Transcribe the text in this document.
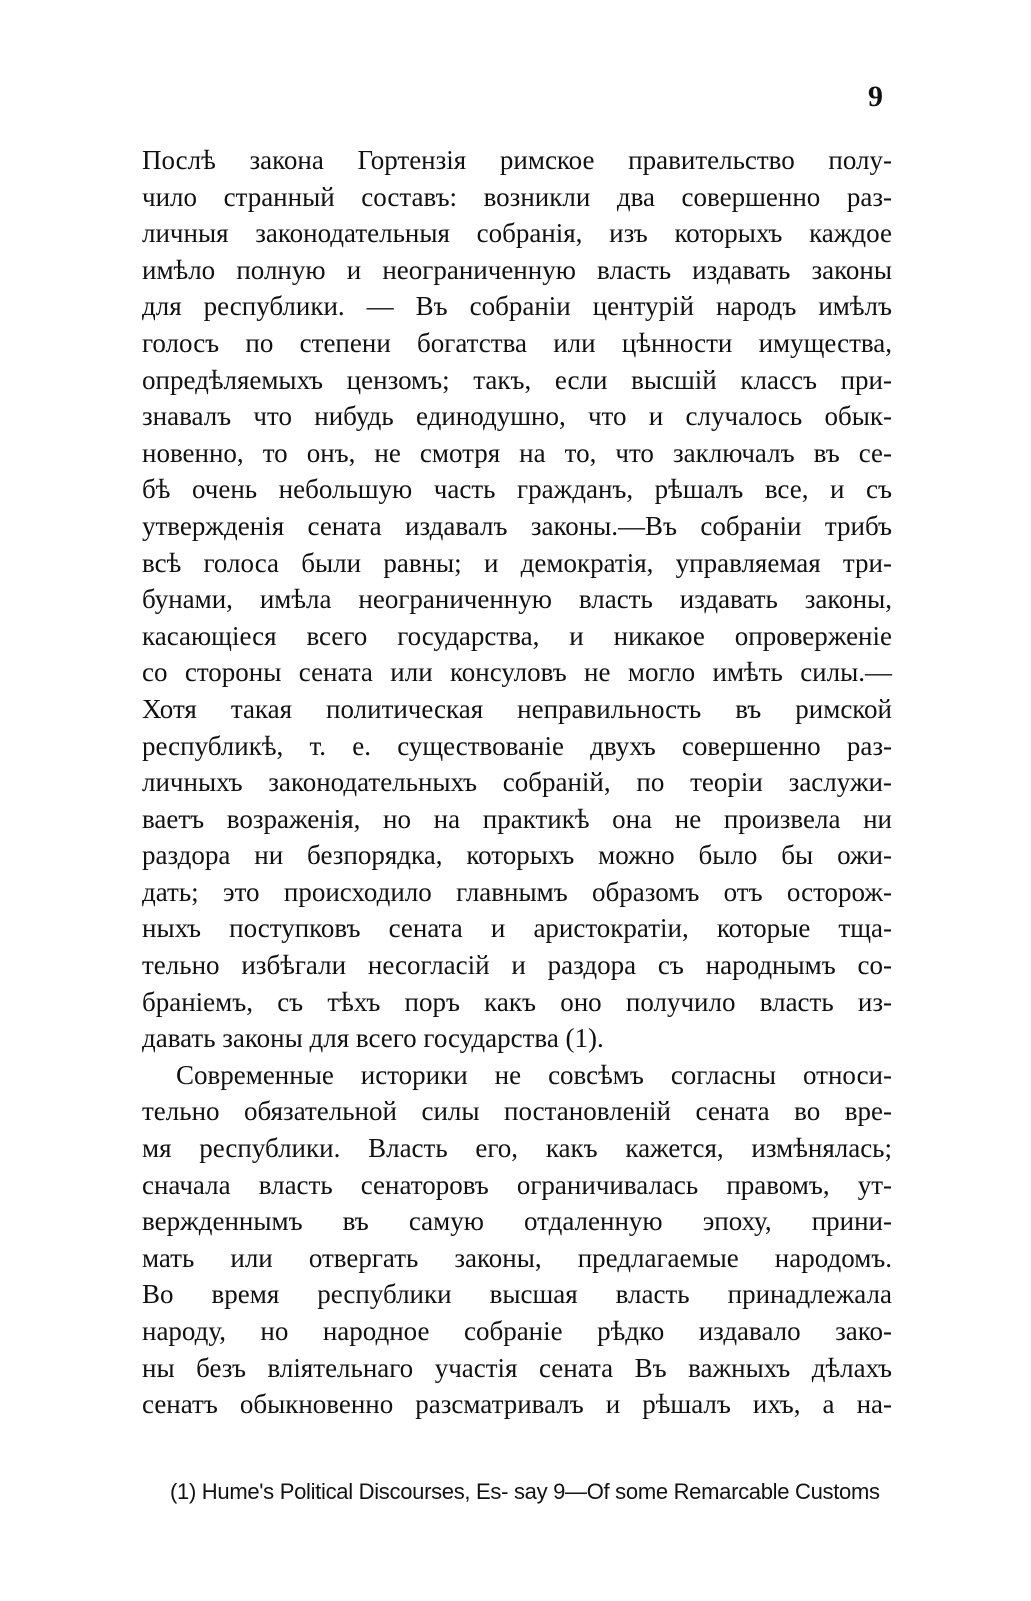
9
Послѣ закона Гортензія римское правительство полу-
чило странный составъ: возникли два совершенно раз-
личныя законодательныя собранія, изъ которыхъ каждое
имѣло полную и неограниченную власть издавать законы
для республики. — Въ собраніи центурій народъ имѣлъ
голосъ по степени богатства или цѣнности имущества,
опредѣляемыхъ цензомъ; такъ, если высшій классъ при-
знавалъ что нибудь единодушно, что и случалось обык-
новенно, то онъ, не смотря на то, что заключалъ въ се-
бѣ очень небольшую часть гражданъ, рѣшалъ все, и съ
утвержденія сената издавалъ законы.—Въ собраніи трибъ
всѣ голоса были равны; и демократія, управляемая три-
бунами, имѣла неограниченную власть издавать законы,
касающіеся всего государства, и никакое опроверженіе
со стороны сената или консуловъ не могло имѣть силы.—
Хотя такая политическая неправильность въ римской
республикѣ, т. е. существованіе двухъ совершенно раз-
личныхъ законодательныхъ собраній, по теоріи заслужи-
ваетъ возраженія, но на практикѣ она не произвела ни
раздора ни безпорядка, которыхъ можно было бы ожи-
дать; это происходило главнымъ образомъ отъ осторож-
ныхъ поступковъ сената и аристократіи, которые тща-
тельно избѣгали несогласій и раздора съ народнымъ со-
браніемъ, съ тѣхъ поръ какъ оно получило власть из-
давать законы для всего государства (1).
Современные историки не совсѣмъ согласны относи-
тельно обязательной силы постановленій сената во вре-
мя республики. Власть его, какъ кажется, измѣнялась;
сначала власть сенаторовъ ограничивалась правомъ, ут-
вержденнымъ въ самую отдаленную эпоху, прини-
мать или отвергать законы, предлагаемые народомъ.
Во время республики высшая власть принадлежала
народу, но народное собраніе рѣдко издавало зако-
ны безъ вліятельнаго участія сената Въ важныхъ дѣлахъ
сенатъ обыкновенно разсматривалъ и рѣшалъ ихъ, а на-
(1) Hume's Political Discourses, Es- say 9—Of some Remarcable Customs
